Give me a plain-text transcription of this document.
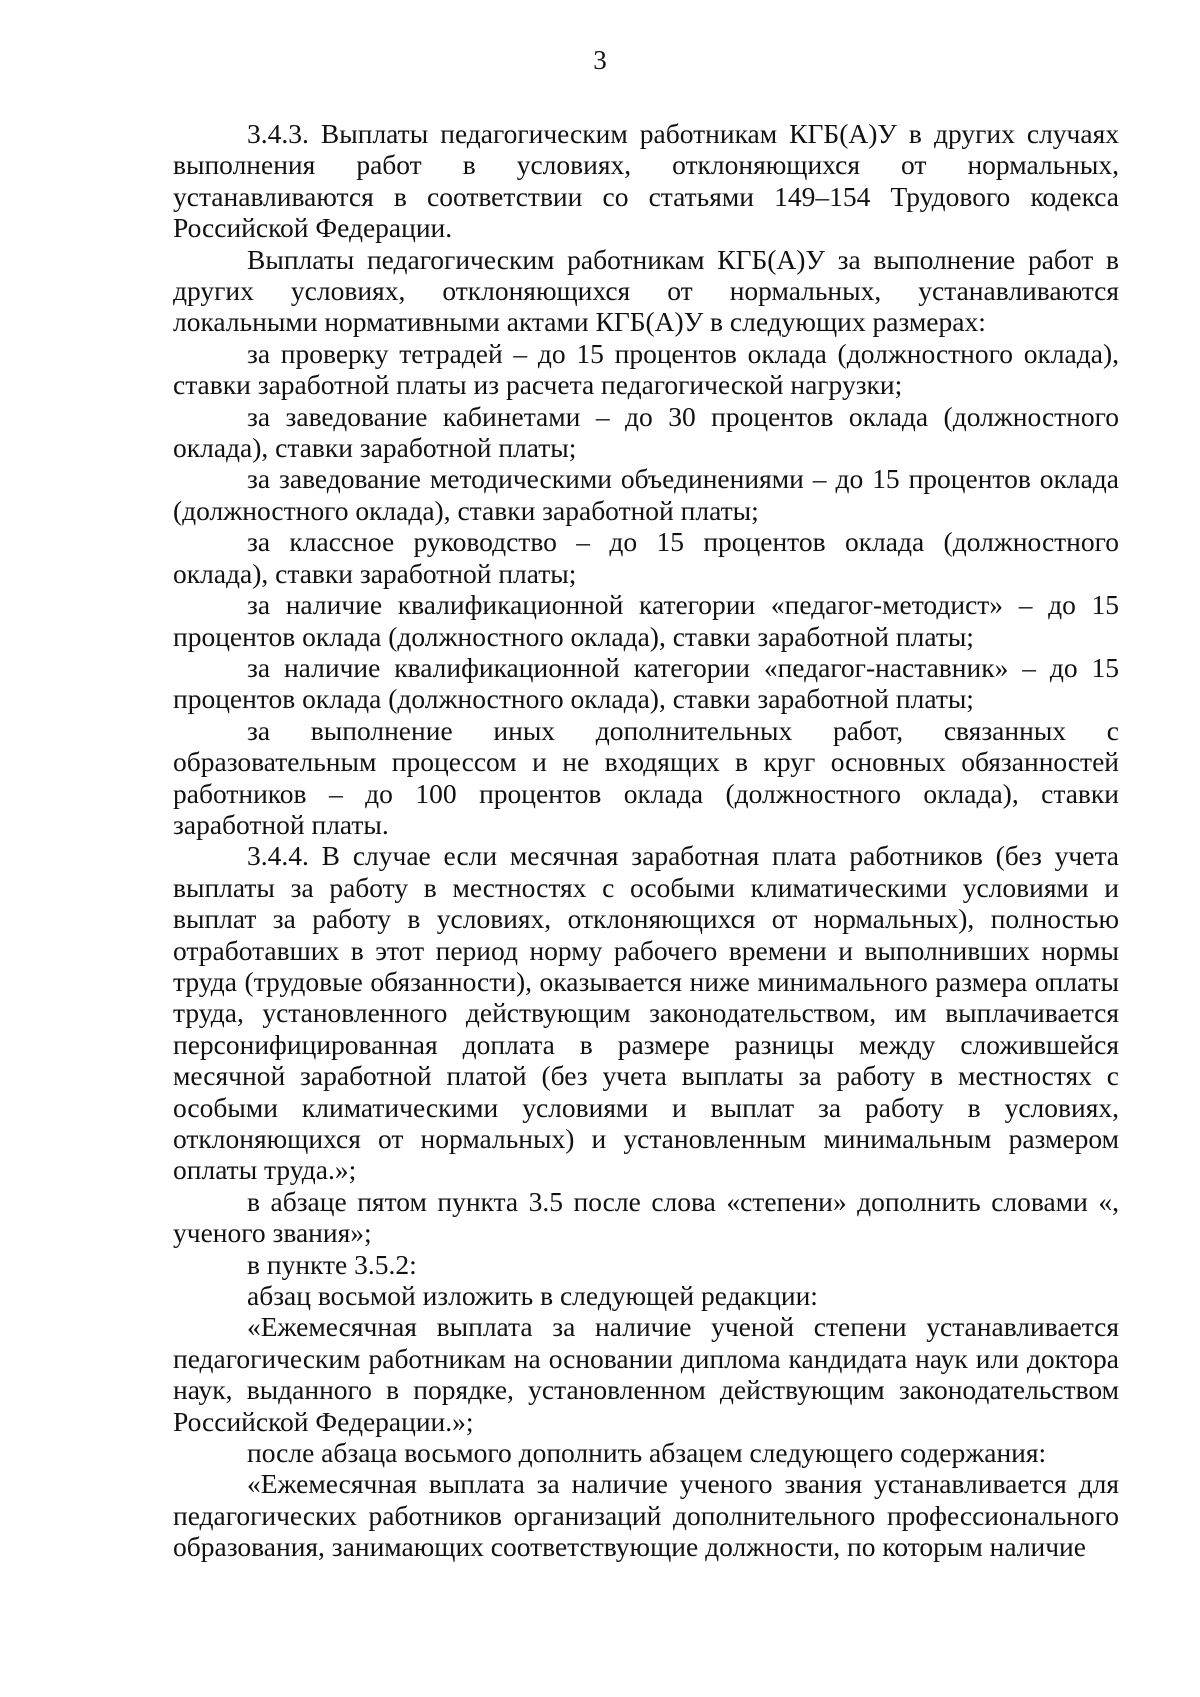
3

3.4.3. Выплаты педагогическим работникам КГБ(А)У в других случаях выполнения работ в условиях, отклоняющихся от нормальных, устанавливаются в соответствии со статьями 149–154 Трудового кодекса Российской Федерации.

Выплаты педагогическим работникам КГБ(А)У за выполнение работ в других условиях, отклоняющихся от нормальных, устанавливаются локальными нормативными актами КГБ(А)У в следующих размерах:

за проверку тетрадей – до 15 процентов оклада (должностного оклада), ставки заработной платы из расчета педагогической нагрузки;

за заведование кабинетами – до 30 процентов оклада (должностного оклада), ставки заработной платы;

за заведование методическими объединениями – до 15 процентов оклада (должностного оклада), ставки заработной платы;

за классное руководство – до 15 процентов оклада (должностного оклада), ставки заработной платы;

за наличие квалификационной категории «педагог-методист» – до 15 процентов оклада (должностного оклада), ставки заработной платы;

за наличие квалификационной категории «педагог-наставник» – до 15 процентов оклада (должностного оклада), ставки заработной платы;

за выполнение иных дополнительных работ, связанных с образовательным процессом и не входящих в круг основных обязанностей работников – до 100 процентов оклада (должностного оклада), ставки заработной платы.

3.4.4. В случае если месячная заработная плата работников (без учета выплаты за работу в местностях с особыми климатическими условиями и выплат за работу в условиях, отклоняющихся от нормальных), полностью отработавших в этот период норму рабочего времени и выполнивших нормы труда (трудовые обязанности), оказывается ниже минимального размера оплаты труда, установленного действующим законодательством, им выплачивается персонифицированная доплата в размере разницы между сложившейся месячной заработной платой (без учета выплаты за работу в местностях с особыми климатическими условиями и выплат за работу в условиях, отклоняющихся от нормальных) и установленным минимальным размером оплаты труда.»;

в абзаце пятом пункта 3.5 после слова «степени» дополнить словами «, ученого звания»;

в пункте 3.5.2:

абзац восьмой изложить в следующей редакции:

«Ежемесячная выплата за наличие ученой степени устанавливается педагогическим работникам на основании диплома кандидата наук или доктора наук, выданного в порядке, установленном действующим законодательством Российской Федерации.»;

после абзаца восьмого дополнить абзацем следующего содержания:

«Ежемесячная выплата за наличие ученого звания устанавливается для педагогических работников организаций дополнительного профессионального образования, занимающих соответствующие должности, по которым наличие
